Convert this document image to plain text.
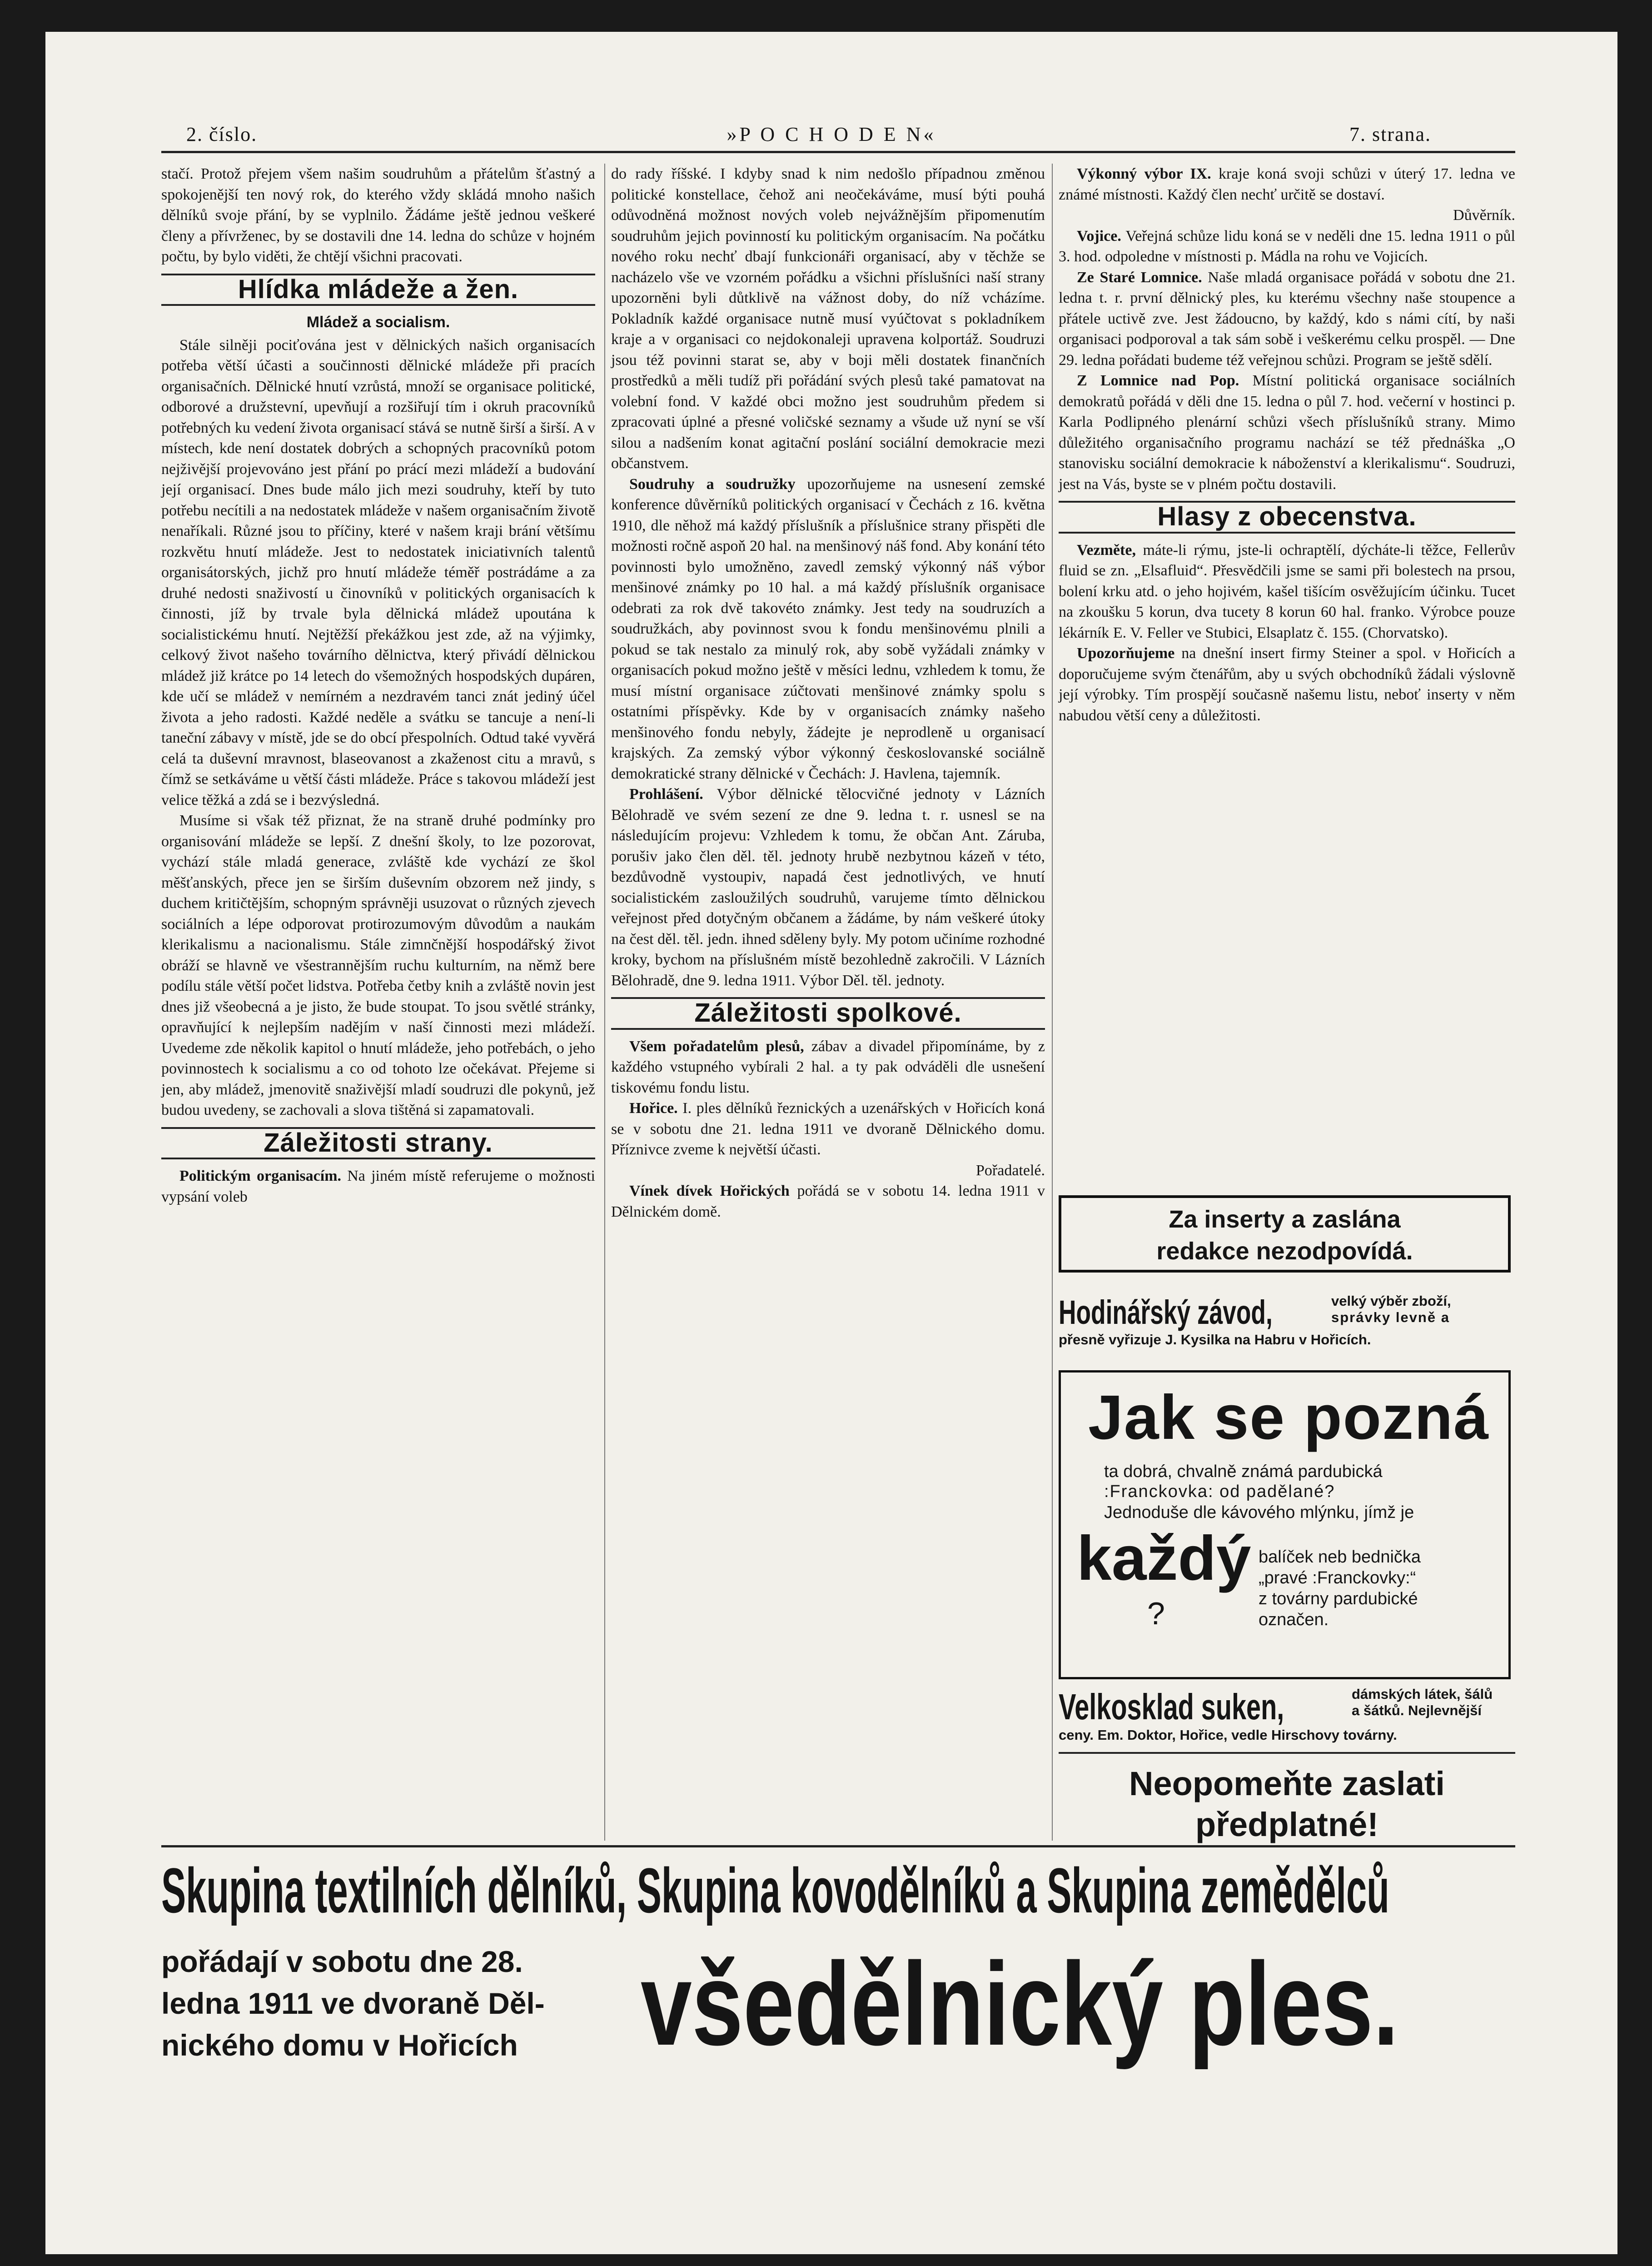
2. číslo.	»P O C H O D E N«	7. strana.

stačí. Protož přejem všem našim soudruhům a přátelům šťastný a spokojenější ten nový rok, do kterého vždy skládá mnoho našich dělníků svoje přání, by se vyplnilo. Žádáme ještě jednou veškeré členy a přívrženec, by se dostavili dne 14. ledna do schůze v hojném počtu, by bylo viděti, že chtějí všichni pracovati.

Hlídka mládeže a žen.
Mládež a socialism.

Stále silněji pociťována jest v dělnických našich organisacích potřeba větší účasti a součinnosti dělnické mládeže při pracích organisačních. Dělnické hnutí vzrůstá, množí se organisace politické, odborové a družstevní, upevňují a rozšiřují tím i okruh pracovníků potřebných ku vedení života organisací stává se nutně širší a širší. A v místech, kde není dostatek dobrých a schopných pracovníků potom nejživější projevováno jest přání po prácí mezi mládeží a budování její organisací. Dnes bude málo jich mezi soudruhy, kteří by tuto potřebu necítili a na nedostatek mládeže v našem organisačním životě nenaříkali. Různé jsou to příčiny, které v našem kraji brání většímu rozkvětu hnutí mládeže. Jest to nedostatek iniciativních talentů organisátorských, jichž pro hnutí mládeže téměř postrádáme a za druhé nedosti snaživostí u činovníků v politických organisacích k činnosti, jíž by trvale byla dělnická mládež upoutána k socialistickému hnutí. Nejtěžší překážkou jest zde, až na výjimky, celkový život našeho továrního dělnictva, který přivádí dělnickou mládež již krátce po 14 letech do všemožných hospodských dupáren, kde učí se mládež v nemírném a nezdravém tanci znát jediný účel života a jeho radosti. Každé neděle a svátku se tancuje a není-li taneční zábavy v místě, jde se do obcí přespolních. Odtud také vyvěrá celá ta duševní mravnost, blaseovanost a zkaženost citu a mravů, s čímž se setkáváme u větší části mládeže. Práce s takovou mládeží jest velice těžká a zdá se i bezvýsledná.

Musíme si však též přiznat, že na straně druhé podmínky pro organisování mládeže se lepší. Z dnešní školy, to lze pozorovat, vychází stále mladá generace, zvláště kde vychází ze škol měšťanských, přece jen se širším duševním obzorem než jindy, s duchem kritičtějším, schopným správněji usuzovat o různých zjevech sociálních a lépe odporovat protirozumovým důvodům a naukám klerikalismu a nacionalismu. Stále zimnčnější hospodářský život obráží se hlavně ve všestrannějším ruchu kulturním, na němž bere podílu stále větší počet lidstva. Potřeba četby knih a zvláště novin jest dnes již všeobecná a je jisto, že bude stoupat. To jsou světlé stránky, opravňující k nejlepším nadějím v naší činnosti mezi mládeží. Uvedeme zde několik kapitol o hnutí mládeže, jeho potřebách, o jeho povinnostech k socialismu a co od tohoto lze očekávat. Přejeme si jen, aby mládež, jmenovitě snaživější mladí soudruzi dle pokynů, jež budou uvedeny, se zachovali a slova tištěná si zapamatovali.

Záležitosti strany.

Politickým organisacím. Na jiném místě referujeme o možnosti vypsání voleb

do rady říšské. I kdyby snad k nim nedošlo případnou změnou politické konstellace, čehož ani neočekáváme, musí býti pouhá odůvodněná možnost nových voleb nejvážnějším připomenutím soudruhům jejich povinností ku politickým organisacím. Na počátku nového roku nechť dbají funkcionáři organisací, aby v těchže se nacházelo vše ve vzorném pořádku a všichni příslušníci naší strany upozorněni byli důtklivě na vážnost doby, do níž vcházíme. Pokladník každé organisace nutně musí vyúčtovat s pokladníkem kraje a v organisaci co nejdokonaleji upravena kolportáž. Soudruzi jsou též povinni starat se, aby v boji měli dostatek finančních prostředků a měli tudíž při pořádání svých plesů také pamatovat na volební fond. V každé obci možno jest soudruhům předem si zpracovati úplné a přesné voličské seznamy a všude už nyní se vší silou a nadšením konat agitační poslání sociální demokracie mezi občanstvem.

Soudruhy a soudružky upozorňujeme na usnesení zemské konference důvěrníků politických organisací v Čechách z 16. května 1910, dle něhož má každý příslušník a příslušnice strany přispěti dle možnosti ročně aspoň 20 hal. na menšinový náš fond. Aby konání této povinnosti bylo umožněno, zavedl zemský výkonný náš výbor menšinové známky po 10 hal. a má každý příslušník organisace odebrati za rok dvě takovéto známky. Jest tedy na soudruzích a soudružkách, aby povinnost svou k fondu menšinovému plnili a pokud se tak nestalo za minulý rok, aby sobě vyžádali známky v organisacích pokud možno ještě v měsíci lednu, vzhledem k tomu, že musí místní organisace zúčtovati menšinové známky spolu s ostatními příspěvky. Kde by v organisacích známky našeho menšinového fondu nebyly, žádejte je neprodleně u organisací krajských. Za zemský výbor výkonný českoslovanské sociálně demokratické strany dělnické v Čechách: J. Havlena, tajemník.

Prohlášení. Výbor dělnické tělocvičné jednoty v Lázních Bělohradě ve svém sezení ze dne 9. ledna t. r. usnesl se na následujícím projevu: Vzhledem k tomu, že občan Ant. Záruba, porušiv jako člen děl. těl. jednoty hrubě nezbytnou kázeň v této, bezdůvodně vystoupiv, napadá čest jednotlivých, ve hnutí socialistickém zasloužilých soudruhů, varujeme tímto dělnickou veřejnost před dotyčným občanem a žádáme, by nám veškeré útoky na čest děl. těl. jedn. ihned sděleny byly. My potom učiníme rozhodné kroky, bychom na příslušném místě bezohledně zakročili. V Lázních Bělohradě, dne 9. ledna 1911. Výbor Děl. těl. jednoty.

Záležitosti spolkové.

Všem pořadatelům plesů, zábav a divadel připomínáme, by z každého vstupného vybírali 2 hal. a ty pak odváděli dle usnešení tiskovému fondu listu.

Hořice. I. ples dělníků řeznických a uzenářských v Hořicích koná se v sobotu dne 21. ledna 1911 ve dvoraně Dělnického domu. Příznivce zveme k největší účasti.

Pořadatelé.

Vínek dívek Hořických pořádá se v sobotu 14. ledna 1911 v Dělnickém domě.

Výkonný výbor IX. kraje koná svoji schůzi v úterý 17. ledna ve známé místnosti. Každý člen nechť určitě se dostaví.

Důvěrník.

Vojice. Veřejná schůze lidu koná se v neděli dne 15. ledna 1911 o půl 3. hod. odpoledne v místnosti p. Mádla na rohu ve Vojicích.

Ze Staré Lomnice. Naše mladá organisace pořádá v sobotu dne 21. ledna t. r. první dělnický ples, ku kterému všechny naše stoupence a přátele uctivě zve. Jest žádoucno, by každý, kdo s námi cítí, by naši organisaci podporoval a tak sám sobě i veškerému celku prospěl. — Dne 29. ledna pořádati budeme též veřejnou schůzi. Program se ještě sdělí.

Z Lomnice nad Pop. Místní politická organisace sociálních demokratů pořádá v děli dne 15. ledna o půl 7. hod. večerní v hostinci p. Karla Podlipného plenární schůzi všech příslušníků strany. Mimo důležitého organisačního programu nachází se též přednáška „O stanovisku sociální demokracie k náboženství a klerikalismu“. Soudruzi, jest na Vás, byste se v plném počtu dostavili.

Hlasy z obecenstva.

Vezměte, máte-li rýmu, jste-li ochraptělí, dýcháte-li těžce, Fellerův fluid se zn. „Elsafluid“. Přesvědčili jsme se sami při bolestech na prsou, bolení krku atd. o jeho hojivém, kašel tišícím osvěžujícím účinku. Tucet na zkoušku 5 korun, dva tucety 8 korun 60 hal. franko. Výrobce pouze lékárník E. V. Feller ve Stubici, Elsaplatz č. 155. (Chorvatsko).

Upozorňujeme na dnešní insert firmy Steiner a spol. v Hořicích a doporučujeme svým čtenářům, aby u svých obchodníků žádali výslovně její výrobky. Tím prospějí současně našemu listu, neboť inserty v něm nabudou větší ceny a důležitosti.

Za inserty a zaslána
redakce nezodpovídá.
Hodinářský závod,	velký výběr zboží,
správky levně a
přesně vyřizuje J. Kysilka na Habru v Hořicích.
Jak se pozná
ta dobrá, chvalně známá pardubická
:Franckovka: od padělané?
Jednoduše dle kávového mlýnku, jímž je
každý
?
balíček neb bednička
„pravé :Franckovky:“
z továrny pardubické
označen.
Velkosklad suken,	dámských látek, šálů
a šátků. Nejlevnější
ceny. Em. Doktor, Hořice, vedle Hirschovy továrny.
Neopomeňte zaslati
předplatné!
Skupina textilních dělníků, Skupina kovodělníků a Skupina zemědělců
pořádají v sobotu dne 28.
ledna 1911 ve dvoraně Děl-
nického domu v Hořicích	všedělnický ples.
